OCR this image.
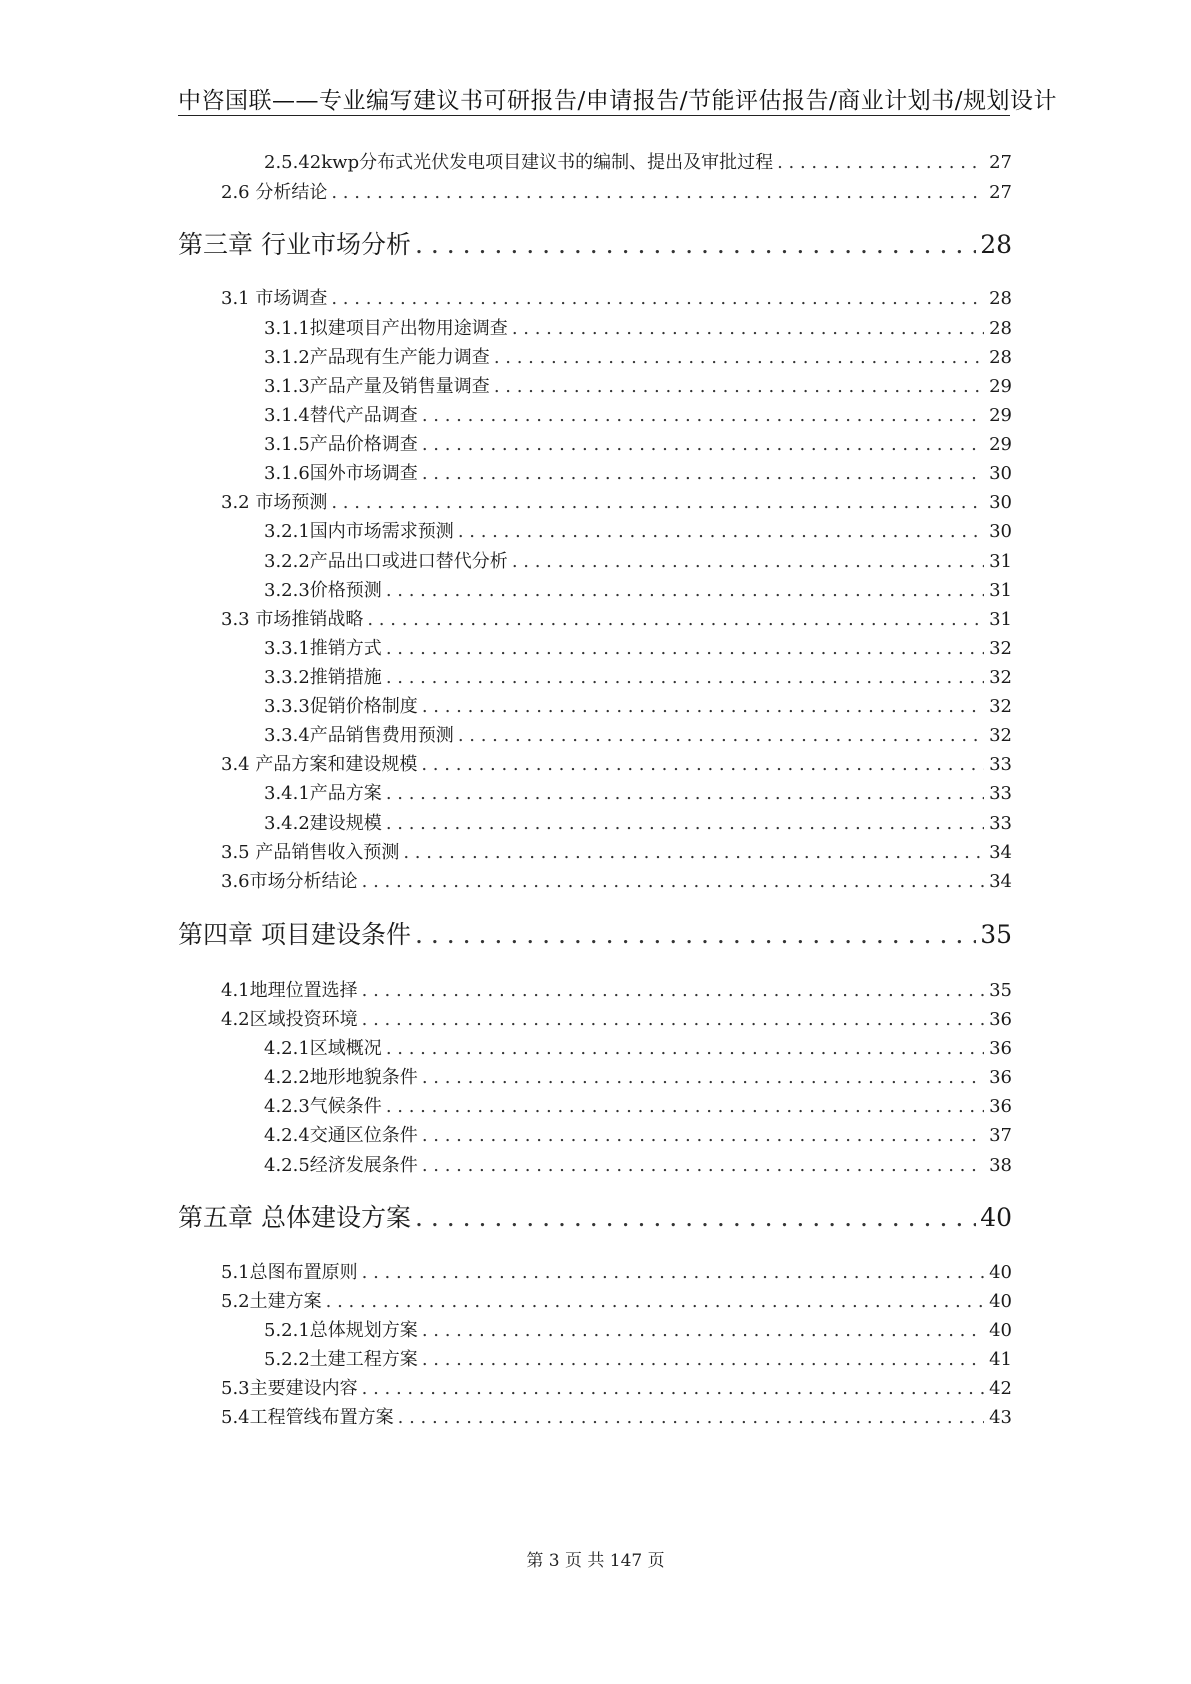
中咨国联——专业编写建议书可研报告/申请报告/节能评估报告/商业计划书/规划设计
2.5.42kwp分布式光伏发电项目建议书的编制、提出及审批过程 . . .	27
2.6 分析结论 . . .	27
第三章 行业市场分析 . . .	28
3.1 市场调查 . . .	28
3.1.1拟建项目产出物用途调查 . . .	28
3.1.2产品现有生产能力调查 . . .	28
3.1.3产品产量及销售量调查 . . .	29
3.1.4替代产品调查 . . .	29
3.1.5产品价格调查 . . .	29
3.1.6国外市场调查 . . .	30
3.2 市场预测 . . .	30
3.2.1国内市场需求预测 . . .	30
3.2.2产品出口或进口替代分析 . . .	31
3.2.3价格预测 . . .	31
3.3 市场推销战略 . . .	31
3.3.1推销方式 . . .	32
3.3.2推销措施 . . .	32
3.3.3促销价格制度 . . .	32
3.3.4产品销售费用预测 . . .	32
3.4 产品方案和建设规模 . . .	33
3.4.1产品方案 . . .	33
3.4.2建设规模 . . .	33
3.5 产品销售收入预测 . . .	34
3.6市场分析结论 . . .	34
第四章 项目建设条件 . . .	35
4.1地理位置选择 . . .	35
4.2区域投资环境 . . .	36
4.2.1区域概况 . . .	36
4.2.2地形地貌条件 . . .	36
4.2.3气候条件 . . .	36
4.2.4交通区位条件 . . .	37
4.2.5经济发展条件 . . .	38
第五章 总体建设方案 . . .	40
5.1总图布置原则 . . .	40
5.2土建方案 . . .	40
5.2.1总体规划方案 . . .	40
5.2.2土建工程方案 . . .	41
5.3主要建设内容 . . .	42
5.4工程管线布置方案 . . .	43
第 3 页 共 147 页
